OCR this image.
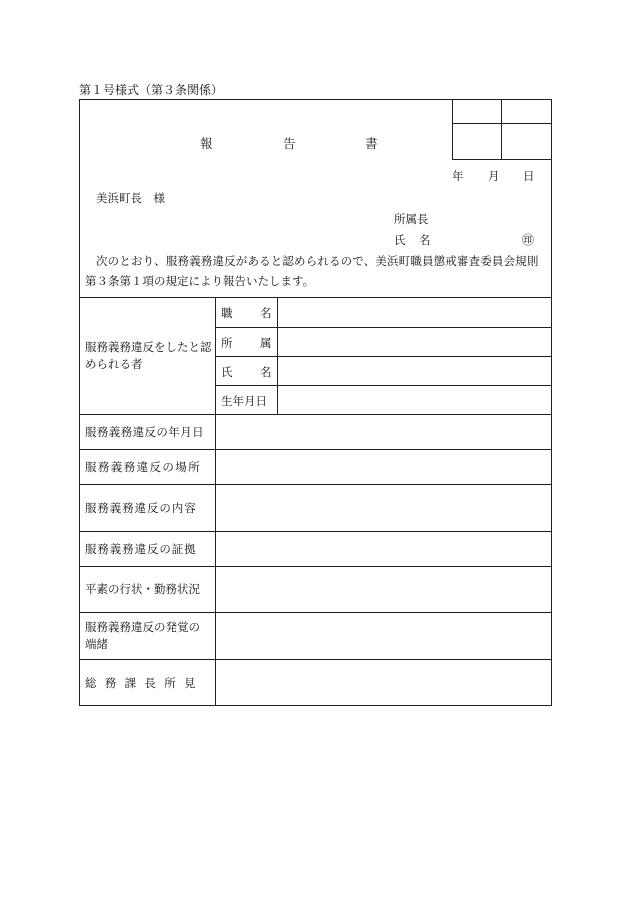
第１号様式（第３条関係）
報	告	書
年 月 日
美浜町長　様
所属長
氏 名	㊞
次のとおり、服務義務違反があると認められるので、美浜町職員懲戒審査委員会規則
第３条第１項の規定により報告いたします。
服務義務違反をしたと認められる者
職 名
所 属
氏 名
生年月日
服務義務違反の年月日
服務義務違反の場所
服務義務違反の内容
服務義務違反の証拠
平素の行状・勤務状況
服務義務違反の発覚の端緒
総務課長所見
